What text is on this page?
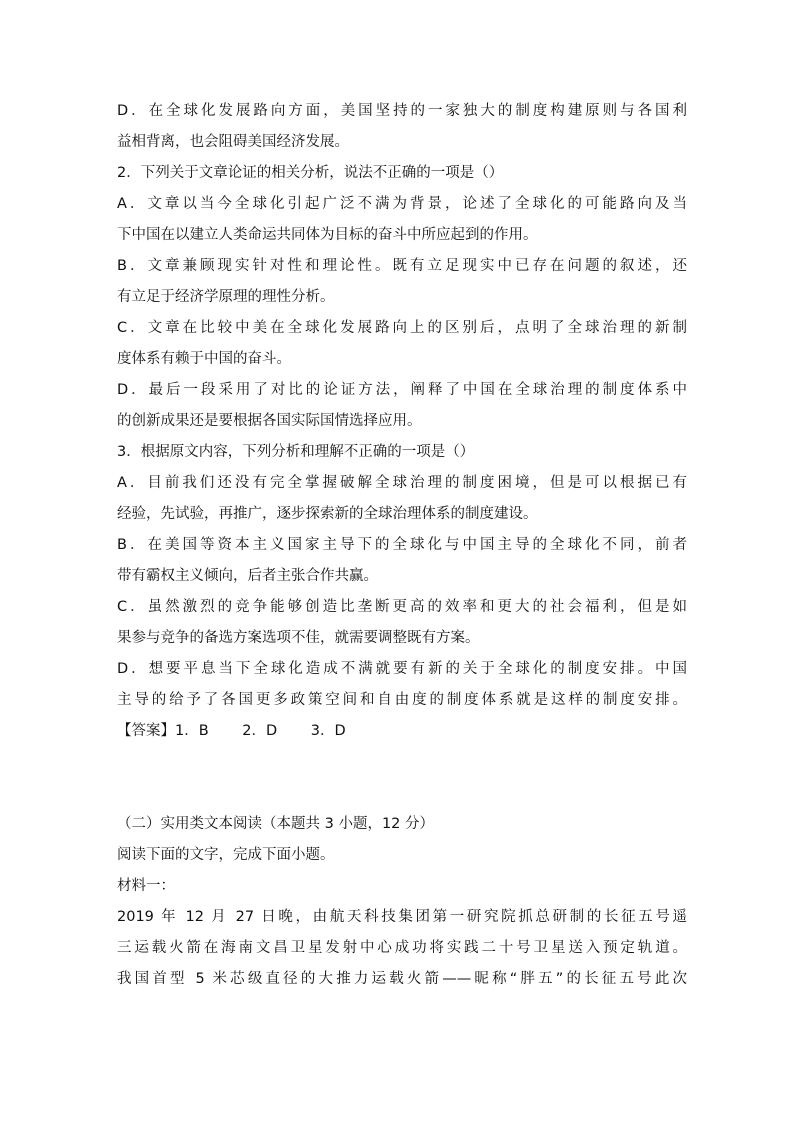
D．在全球化发展路向方面，美国坚持的一家独大的制度构建原则与各国利
益相背离，也会阻碍美国经济发展。
2．下列关于文章论证的相关分析，说法不正确的一项是（）
A．文章以当今全球化引起广泛不满为背景，论述了全球化的可能路向及当
下中国在以建立人类命运共同体为目标的奋斗中所应起到的作用。
B．文章兼顾现实针对性和理论性。既有立足现实中已存在问题的叙述，还
有立足于经济学原理的理性分析。
C．文章在比较中美在全球化发展路向上的区别后，点明了全球治理的新制
度体系有赖于中国的奋斗。
D．最后一段采用了对比的论证方法，阐释了中国在全球治理的制度体系中
的创新成果还是要根据各国实际国情选择应用。
3．根据原文内容，下列分析和理解不正确的一项是（）
A．目前我们还没有完全掌握破解全球治理的制度困境，但是可以根据已有
经验，先试验，再推广，逐步探索新的全球治理体系的制度建设。
B．在美国等资本主义国家主导下的全球化与中国主导的全球化不同，前者
带有霸权主义倾向，后者主张合作共赢。
C．虽然激烈的竞争能够创造比垄断更高的效率和更大的社会福利，但是如
果参与竞争的备选方案选项不佳，就需要调整既有方案。
D．想要平息当下全球化造成不满就要有新的关于全球化的制度安排。中国
主导的给予了各国更多政策空间和自由度的制度体系就是这样的制度安排。
【答案】1．B　　 2．D　　 3．D
（二）实用类文本阅读（本题共 3 小题，12 分）
阅读下面的文字，完成下面小题。
材料一：
2019 年 12 月 27 日晚，由航天科技集团第一研究院抓总研制的长征五号遥
三运载火箭在海南文昌卫星发射中心成功将实践二十号卫星送入预定轨道。
我国首型 5 米芯级直径的大推力运载火箭——昵称“胖五”的长征五号此次
